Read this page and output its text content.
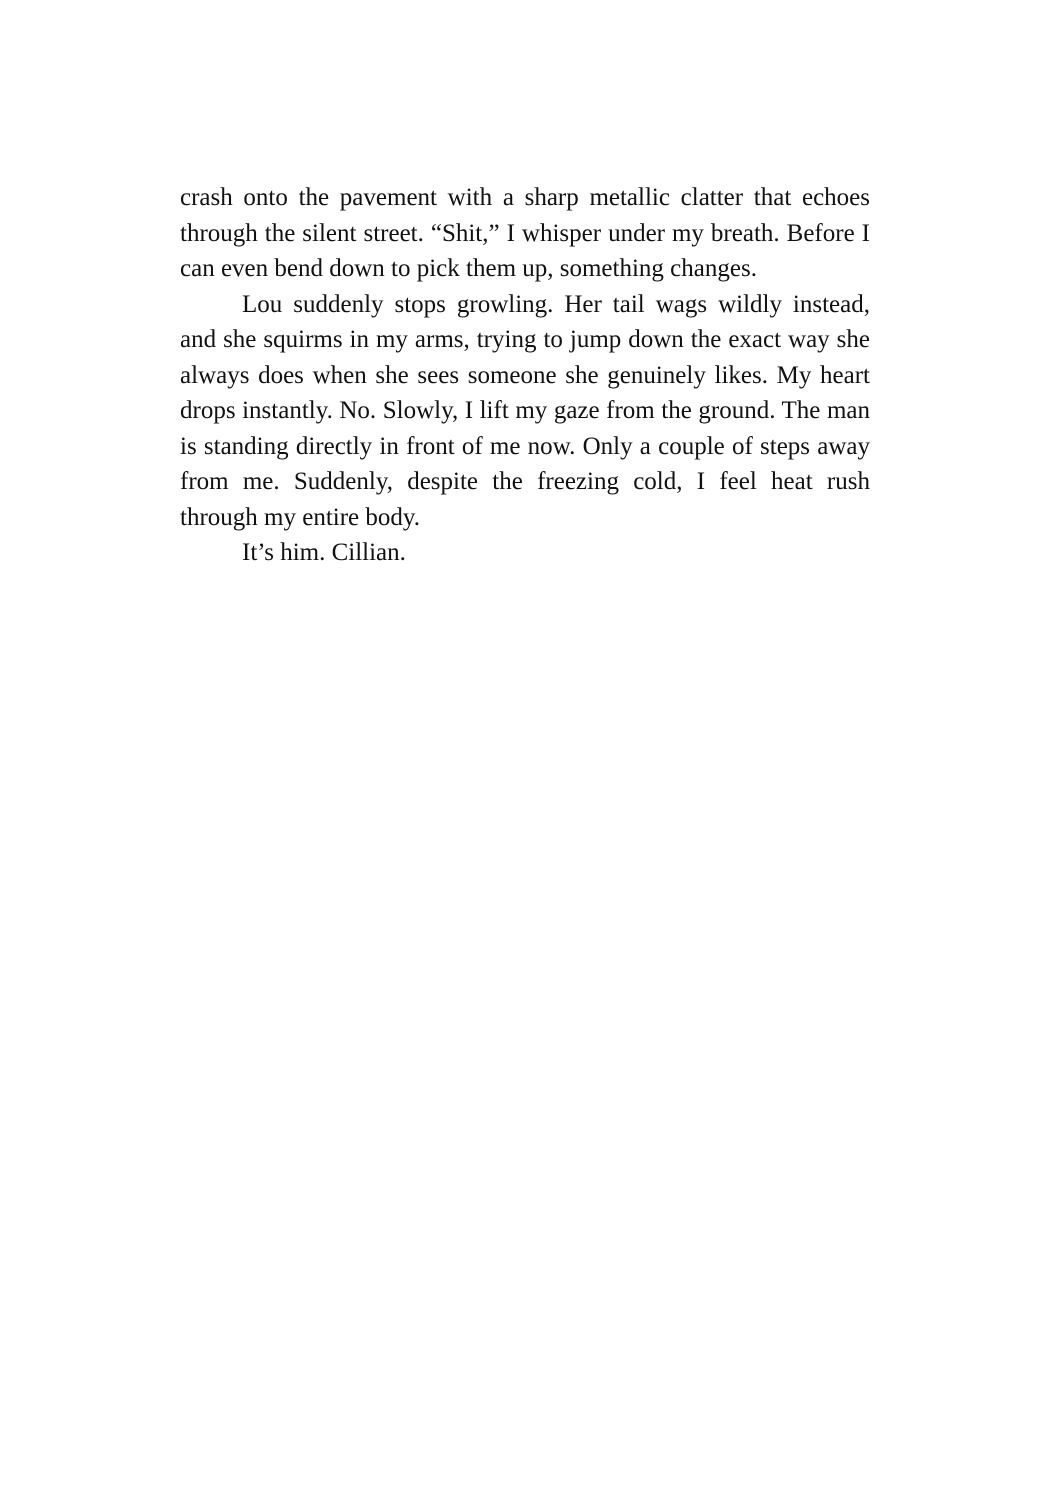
crash onto the pavement with a sharp metallic clatter that echoes through the silent street. “Shit,” I whisper under my breath. Before I can even bend down to pick them up, something changes.

Lou suddenly stops growling. Her tail wags wildly instead, and she squirms in my arms, trying to jump down the exact way she always does when she sees someone she genuinely likes. My heart drops instantly. No. Slowly, I lift my gaze from the ground. The man is standing directly in front of me now. Only a couple of steps away from me. Suddenly, despite the freezing cold, I feel heat rush through my entire body.

It’s him. Cillian.
